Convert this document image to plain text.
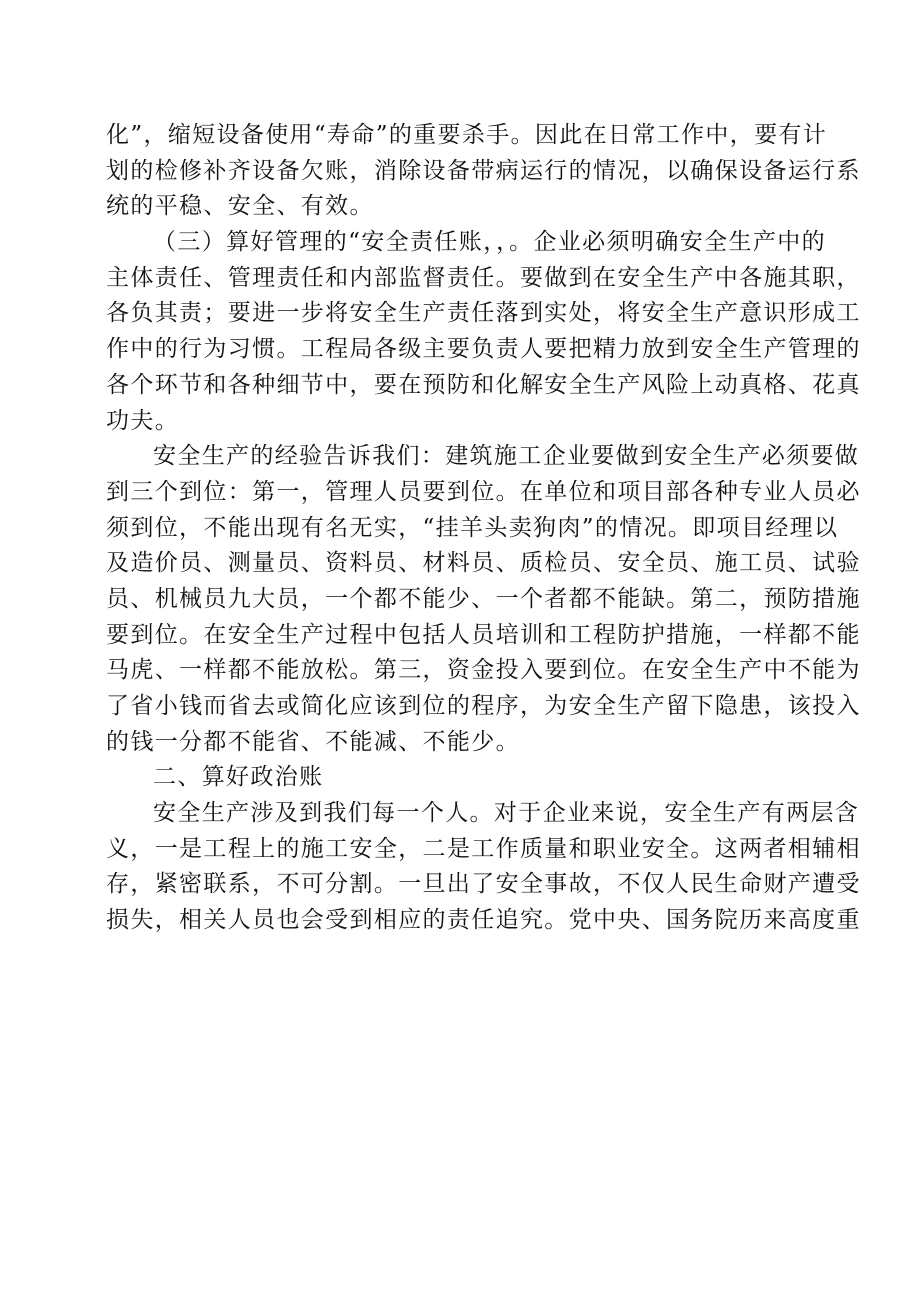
化”，缩短设备使用“寿命”的重要杀手。因此在日常工作中，要有计
划的检修补齐设备欠账，消除设备带病运行的情况，以确保设备运行系
统的平稳、安全、有效。
（三）算好管理的“安全责任账，，。企业必须明确安全生产中的
主体责任、管理责任和内部监督责任。要做到在安全生产中各施其职，
各负其责；要进一步将安全生产责任落到实处，将安全生产意识形成工
作中的行为习惯。工程局各级主要负责人要把精力放到安全生产管理的
各个环节和各种细节中，要在预防和化解安全生产风险上动真格、花真
功夫。
安全生产的经验告诉我们：建筑施工企业要做到安全生产必须要做
到三个到位：第一，管理人员要到位。在单位和项目部各种专业人员必
须到位，不能出现有名无实，“挂羊头卖狗肉”的情况。即项目经理以
及造价员、测量员、资料员、材料员、质检员、安全员、施工员、试验
员、机械员九大员，一个都不能少、一个者都不能缺。第二，预防措施
要到位。在安全生产过程中包括人员培训和工程防护措施，一样都不能
马虎、一样都不能放松。第三，资金投入要到位。在安全生产中不能为
了省小钱而省去或简化应该到位的程序，为安全生产留下隐患，该投入
的钱一分都不能省、不能减、不能少。
二、算好政治账
安全生产涉及到我们每一个人。对于企业来说，安全生产有两层含
义，一是工程上的施工安全，二是工作质量和职业安全。这两者相辅相
存，紧密联系，不可分割。一旦出了安全事故，不仅人民生命财产遭受
损失，相关人员也会受到相应的责任追究。党中央、国务院历来高度重
